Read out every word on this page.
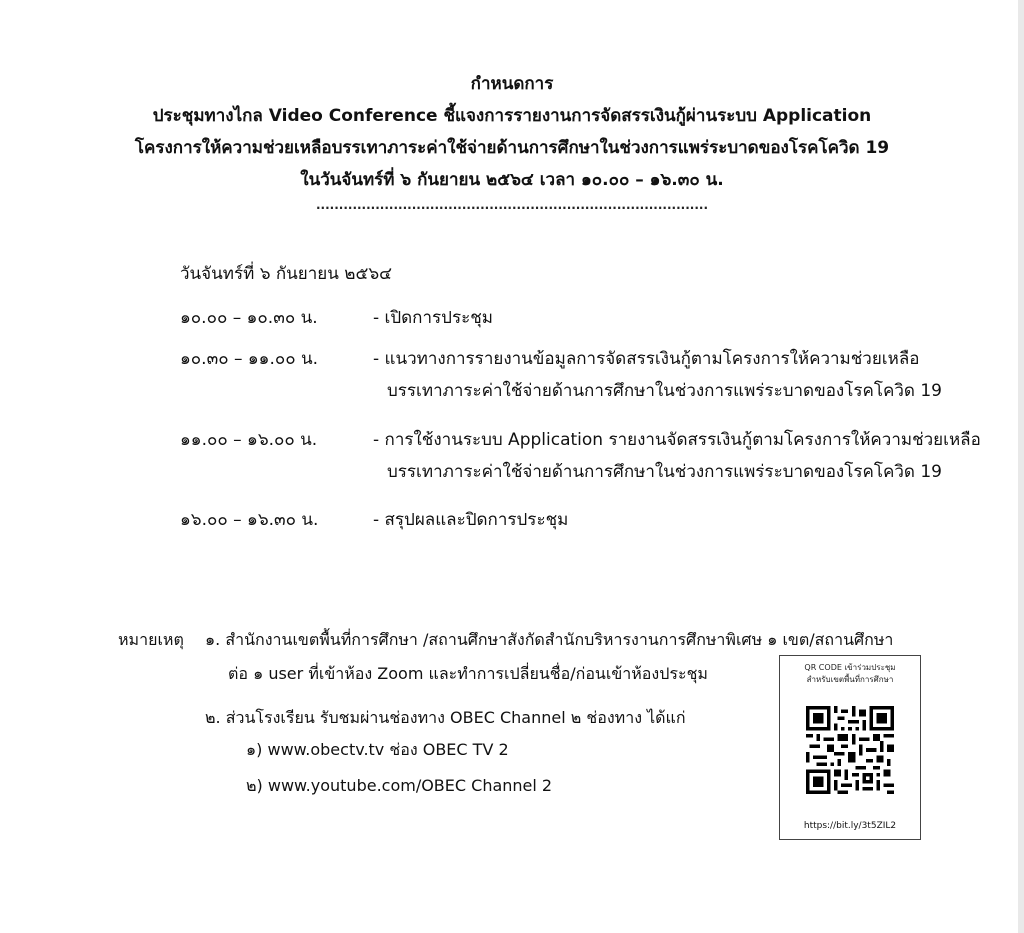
กำหนดการ
ประชุมทางไกล Video Conference ชี้แจงการรายงานการจัดสรรเงินกู้ผ่านระบบ Application
โครงการให้ความช่วยเหลือบรรเทาภาระค่าใช้จ่ายด้านการศึกษาในช่วงการแพร่ระบาดของโรคโควิด 19
ในวันจันทร์ที่ ๖ กันยายน ๒๕๖๔ เวลา ๑๐.๐๐ – ๑๖.๓๐ น.
......................................................................................
วันจันทร์ที่ ๖ กันยายน ๒๕๖๔
๑๐.๐๐ – ๑๐.๓๐ น.	- เปิดการประชุม
๑๐.๓๐ – ๑๑.๐๐ น.	- แนวทางการรายงานข้อมูลการจัดสรรเงินกู้ตามโครงการให้ความช่วยเหลือ
บรรเทาภาระค่าใช้จ่ายด้านการศึกษาในช่วงการแพร่ระบาดของโรคโควิด 19
๑๑.๐๐ – ๑๖.๐๐ น.	- การใช้งานระบบ Application รายงานจัดสรรเงินกู้ตามโครงการให้ความช่วยเหลือ
บรรเทาภาระค่าใช้จ่ายด้านการศึกษาในช่วงการแพร่ระบาดของโรคโควิด 19
๑๖.๐๐ – ๑๖.๓๐ น.	- สรุปผลและปิดการประชุม
หมายเหตุ ๑. สำนักงานเขตพื้นที่การศึกษา /สถานศึกษาสังกัดสำนักบริหารงานการศึกษาพิเศษ ๑ เขต/สถานศึกษา
ต่อ ๑ user ที่เข้าห้อง Zoom และทำการเปลี่ยนชื่อ/ก่อนเข้าห้องประชุม
๒. ส่วนโรงเรียน รับชมผ่านช่องทาง OBEC Channel ๒ ช่องทาง ได้แก่
๑) www.obectv.tv ช่อง OBEC TV 2
๒) www.youtube.com/OBEC Channel 2
QR CODE เข้าร่วมประชุม
สำหรับเขตพื้นที่การศึกษา
https://bit.ly/3t5ZIL2
